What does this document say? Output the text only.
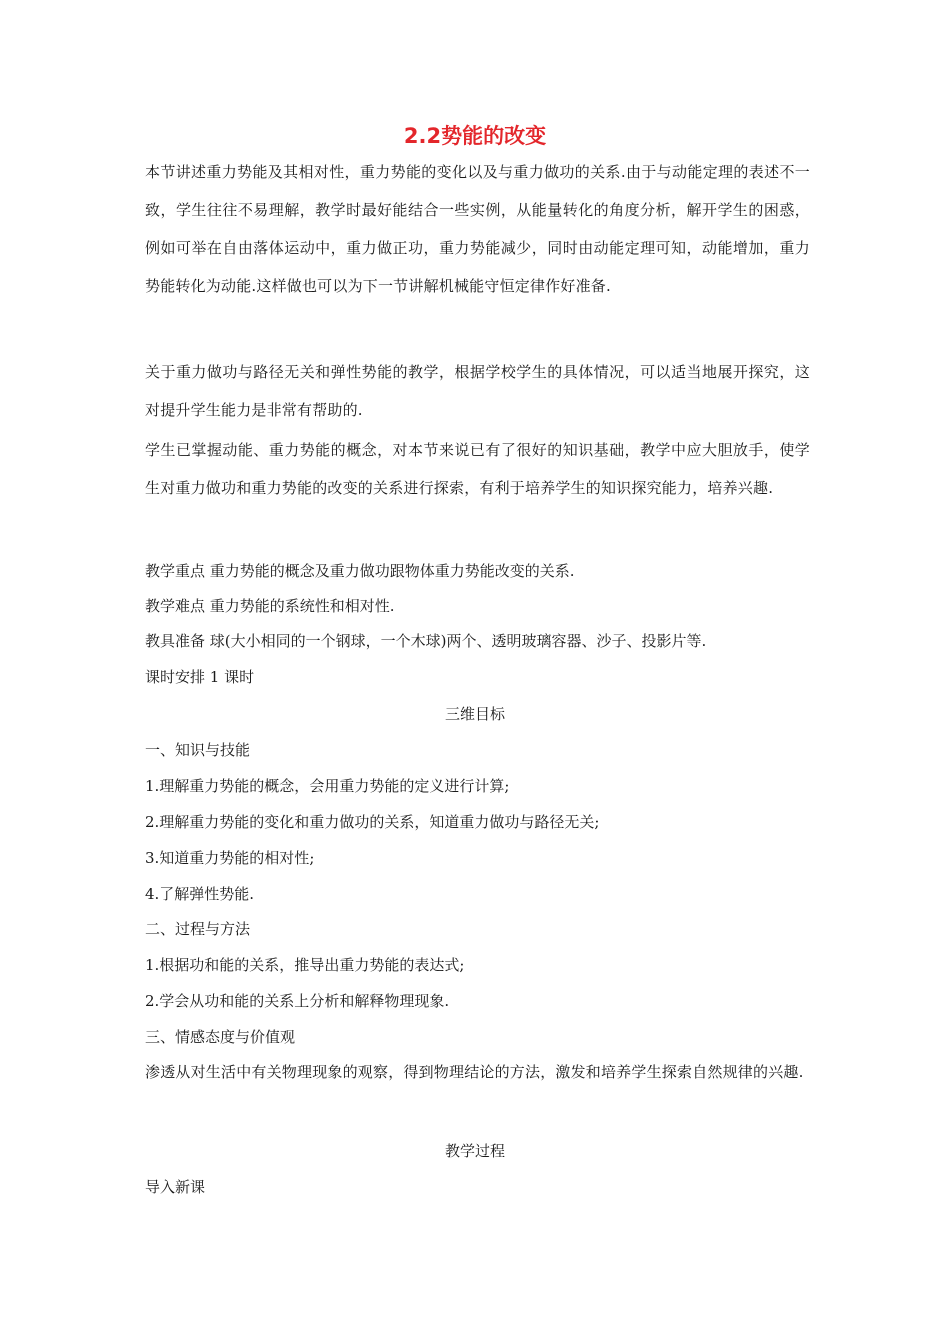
2.2势能的改变
本节讲述重力势能及其相对性，重力势能的变化以及与重力做功的关系.由于与动能定理的表述不一致，学生往往不易理解，教学时最好能结合一些实例，从能量转化的角度分析，解开学生的困惑，例如可举在自由落体运动中，重力做正功，重力势能减少，同时由动能定理可知，动能增加，重力势能转化为动能.这样做也可以为下一节讲解机械能守恒定律作好准备.
关于重力做功与路径无关和弹性势能的教学，根据学校学生的具体情况，可以适当地展开探究，这对提升学生能力是非常有帮助的.
学生已掌握动能、重力势能的概念，对本节来说已有了很好的知识基础，教学中应大胆放手，使学生对重力做功和重力势能的改变的关系进行探索，有利于培养学生的知识探究能力，培养兴趣.
教学重点 重力势能的概念及重力做功跟物体重力势能改变的关系.
教学难点 重力势能的系统性和相对性.
教具准备 球(大小相同的一个钢球，一个木球)两个、透明玻璃容器、沙子、投影片等.
课时安排 1 课时
三维目标
一、知识与技能
1.理解重力势能的概念，会用重力势能的定义进行计算;
2.理解重力势能的变化和重力做功的关系，知道重力做功与路径无关;
3.知道重力势能的相对性;
4.了解弹性势能.
二、过程与方法
1.根据功和能的关系，推导出重力势能的表达式;
2.学会从功和能的关系上分析和解释物理现象.
三、情感态度与价值观
渗透从对生活中有关物理现象的观察，得到物理结论的方法，激发和培养学生探索自然规律的兴趣.
教学过程
导入新课
